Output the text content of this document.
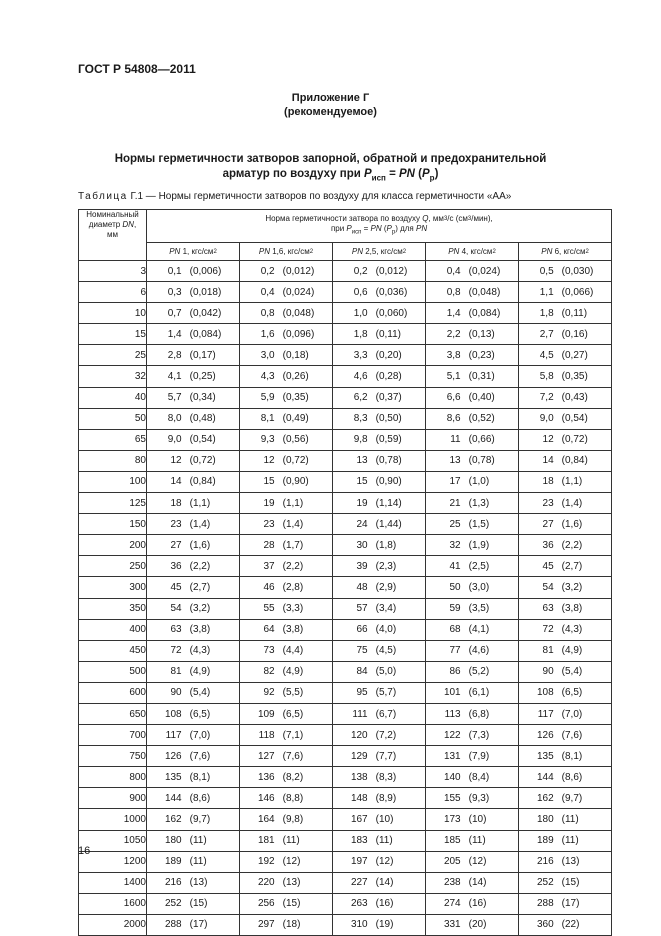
ГОСТ Р 54808—2011
Приложение Г
(рекомендуемое)
Нормы герметичности затворов запорной, обратной и предохранительной
арматур по воздуху при $P_{исп}$ = PN $(P_р)$
Таблица Г.1 — Нормы герметичности затворов по воздуху для класса герметичности «АА»
Номинальный
диаметр DN,
мм	Норма герметичности затвора по воздуху Q, $мм^3/с$ $(см^3/мин)$,
при $P_{исп}$ = PN $(P_р)$ для PN				
	PN 1, кгс/$см^2$	PN 1,6, кгс/$см^2$	PN 2,5, кгс/$см^2$	PN 4, кгс/$см^2$	PN 6, кгс/$см^2$
3	0,1 (0,006)	0,2 (0,012)	0,2 (0,012)	0,4 (0,024)	0,5 (0,030)

6	0,3 (0,018)	0,4 (0,024)	0,6 (0,036)	0,8 (0,048)	1,1 (0,066)

10	0,7 (0,042)	0,8 (0,048)	1,0 (0,060)	1,4 (0,084)	1,8 (0,11)

15	1,4 (0,084)	1,6 (0,096)	1,8 (0,11)	2,2 (0,13)	2,7 (0,16)

25	2,8 (0,17)	3,0 (0,18)	3,3 (0,20)	3,8 (0,23)	4,5 (0,27)

32	4,1 (0,25)	4,3 (0,26)	4,6 (0,28)	5,1 (0,31)	5,8 (0,35)

40	5,7 (0,34)	5,9 (0,35)	6,2 (0,37)	6,6 (0,40)	7,2 (0,43)

50	8,0 (0,48)	8,1 (0,49)	8,3 (0,50)	8,6 (0,52)	9,0 (0,54)

65	9,0 (0,54)	9,3 (0,56)	9,8 (0,59)	11 (0,66)	12 (0,72)

80	12 (0,72)	12 (0,72)	13 (0,78)	13 (0,78)	14 (0,84)

100	14 (0,84)	15 (0,90)	15 (0,90)	17 (1,0)	18 (1,1)

125	18 (1,1)	19 (1,1)	19 (1,14)	21 (1,3)	23 (1,4)

150	23 (1,4)	23 (1,4)	24 (1,44)	25 (1,5)	27 (1,6)

200	27 (1,6)	28 (1,7)	30 (1,8)	32 (1,9)	36 (2,2)

250	36 (2,2)	37 (2,2)	39 (2,3)	41 (2,5)	45 (2,7)

300	45 (2,7)	46 (2,8)	48 (2,9)	50 (3,0)	54 (3,2)

350	54 (3,2)	55 (3,3)	57 (3,4)	59 (3,5)	63 (3,8)

400	63 (3,8)	64 (3,8)	66 (4,0)	68 (4,1)	72 (4,3)

450	72 (4,3)	73 (4,4)	75 (4,5)	77 (4,6)	81 (4,9)

500	81 (4,9)	82 (4,9)	84 (5,0)	86 (5,2)	90 (5,4)

600	90 (5,4)	92 (5,5)	95 (5,7)	101 (6,1)	108 (6,5)

650	108 (6,5)	109 (6,5)	111 (6,7)	113 (6,8)	117 (7,0)

700	117 (7,0)	118 (7,1)	120 (7,2)	122 (7,3)	126 (7,6)

750	126 (7,6)	127 (7,6)	129 (7,7)	131 (7,9)	135 (8,1)

800	135 (8,1)	136 (8,2)	138 (8,3)	140 (8,4)	144 (8,6)

900	144 (8,6)	146 (8,8)	148 (8,9)	155 (9,3)	162 (9,7)

1000	162 (9,7)	164 (9,8)	167 (10)	173 (10)	180 (11)

1050	180 (11)	181 (11)	183 (11)	185 (11)	189 (11)

1200	189 (11)	192 (12)	197 (12)	205 (12)	216 (13)

1400	216 (13)	220 (13)	227 (14)	238 (14)	252 (15)

1600	252 (15)	256 (15)	263 (16)	274 (16)	288 (17)

2000	288 (17)	297 (18)	310 (19)	331 (20)	360 (22)
16
